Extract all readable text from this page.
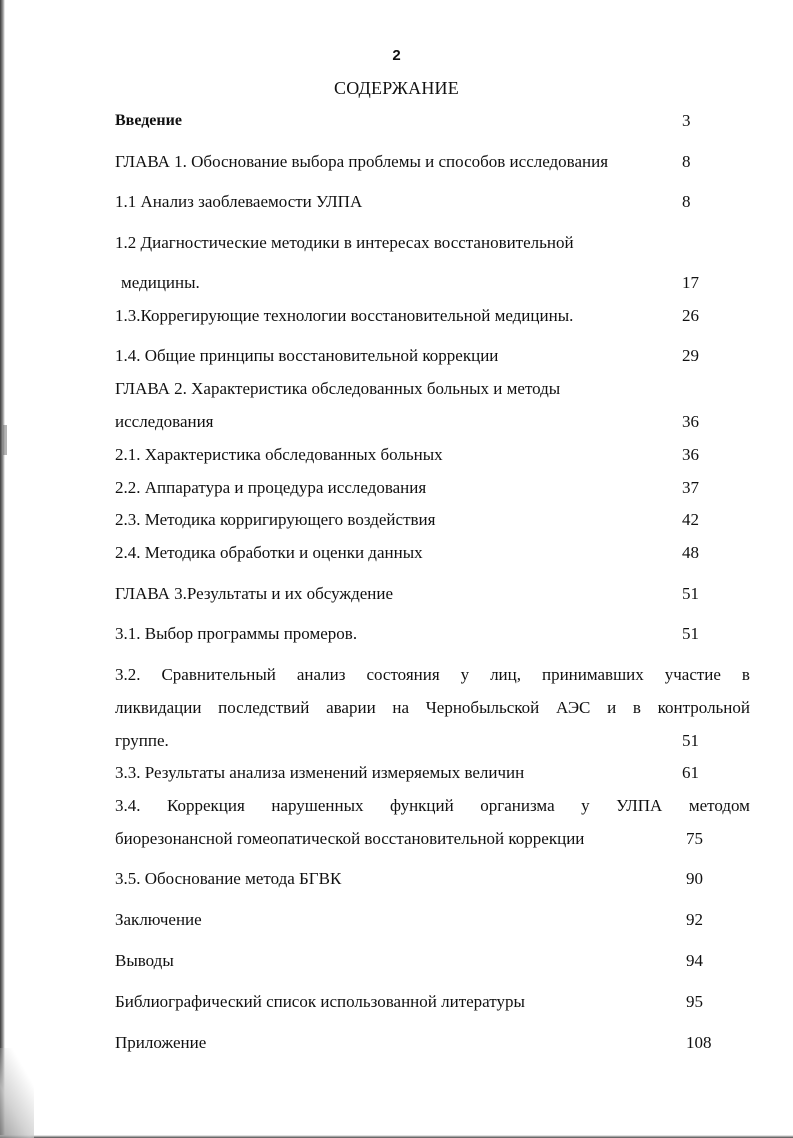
2
СОДЕРЖАНИЕ
Введение	3
ГЛАВА 1. Обоснование выбора проблемы и способов исследования	8
1.1 Анализ заоблеваемости УЛПА	8
1.2 Диагностические методики в интересах восстановительной
медицины.	17
1.3.Коррегирующие технологии восстановительной медицины.	26
1.4. Общие принципы восстановительной коррекции	29
ГЛАВА 2. Характеристика обследованных больных и методы
исследования	36
2.1. Характеристика обследованных больных	36
2.2. Аппаратура и процедура исследования	37
2.3. Методика корригирующего воздействия	42
2.4. Методика обработки и оценки данных	48
ГЛАВА 3.Результаты и их обсуждение	51
3.1. Выбор программы промеров.	51
3.2. Сравнительный анализ состояния у лиц, принимавших участие в
ликвидации последствий аварии на Чернобыльской АЭС и в контрольной
группе.	51
3.3. Результаты анализа изменений измеряемых величин	61
3.4. Коррекция нарушенных функций организма у УЛПА методом
биорезонансной гомеопатической восстановительной коррекции	75
3.5. Обоснование метода БГВК	90
Заключение	92
Выводы	94
Библиографический список использованной литературы	95
Приложение	108
